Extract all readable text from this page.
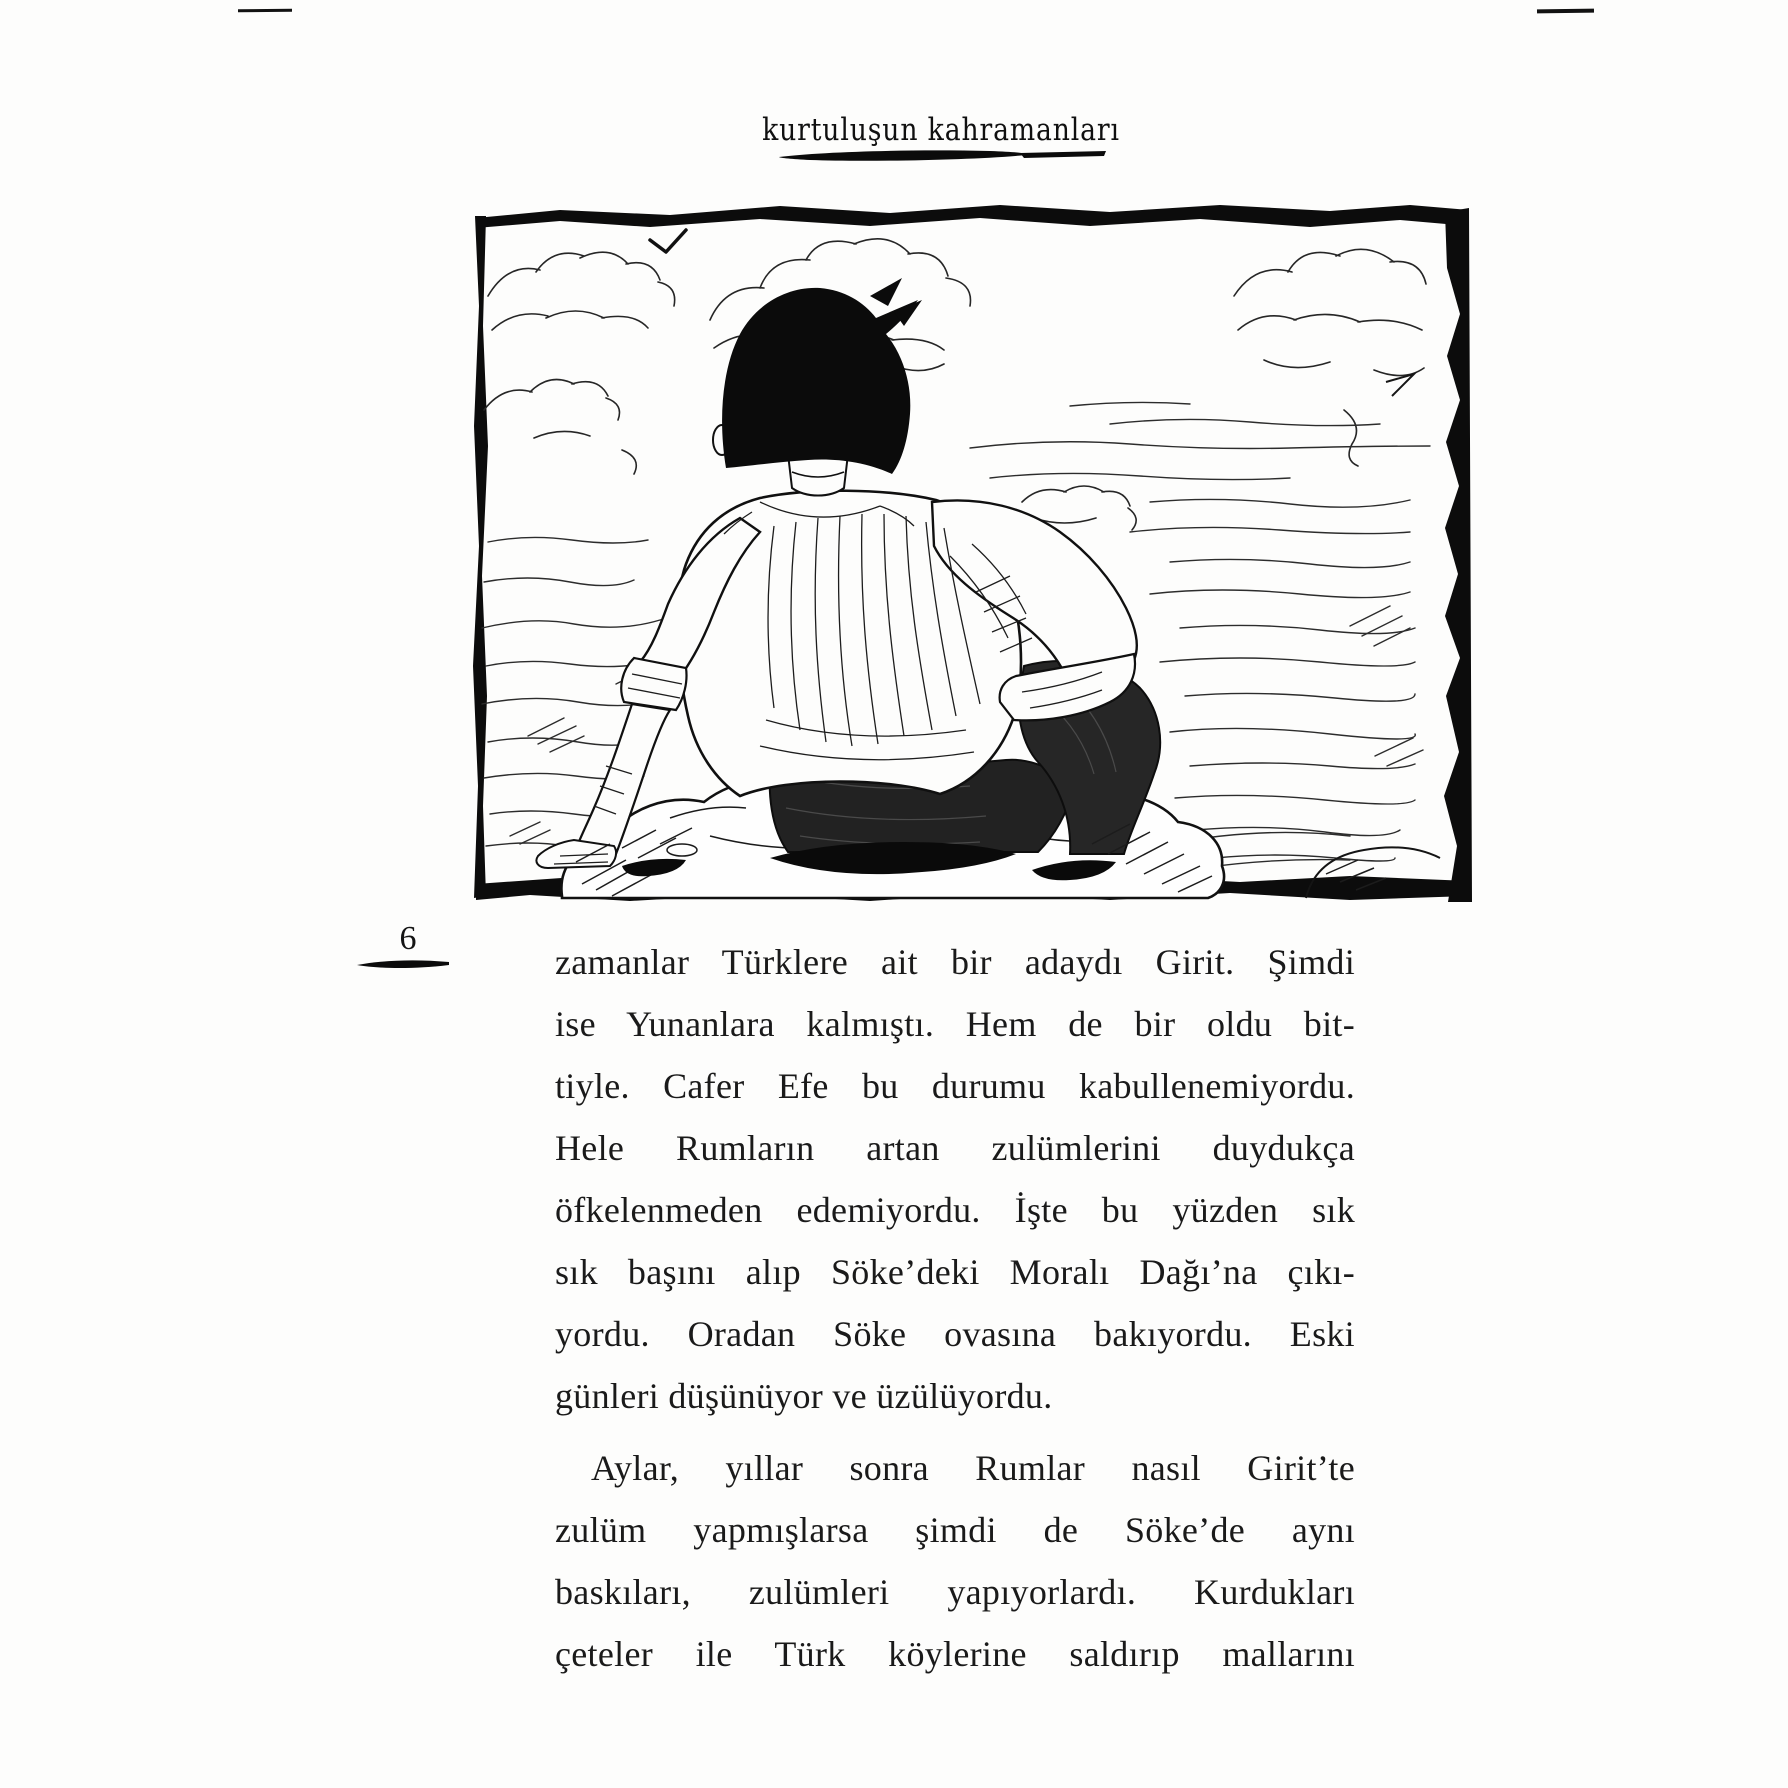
kurtuluşun kahramanları
6
zamanlar Türklere ait bir adaydı Girit. Şimdi
ise Yunanlara kalmıştı. Hem de bir oldu bit-
tiyle. Cafer Efe bu durumu kabullenemiyordu.
Hele Rumların artan zulümlerini duydukça
öfkelenmeden edemiyordu. İşte bu yüzden sık
sık başını alıp Söke’deki Moralı Dağı’na çıkı-
yordu. Oradan Söke ovasına bakıyordu. Eski
günleri düşünüyor ve üzülüyordu.
Aylar, yıllar sonra Rumlar nasıl Girit’te
zulüm yapmışlarsa şimdi de Söke’de aynı
baskıları, zulümleri yapıyorlardı. Kurdukları
çeteler ile Türk köylerine saldırıp mallarını
